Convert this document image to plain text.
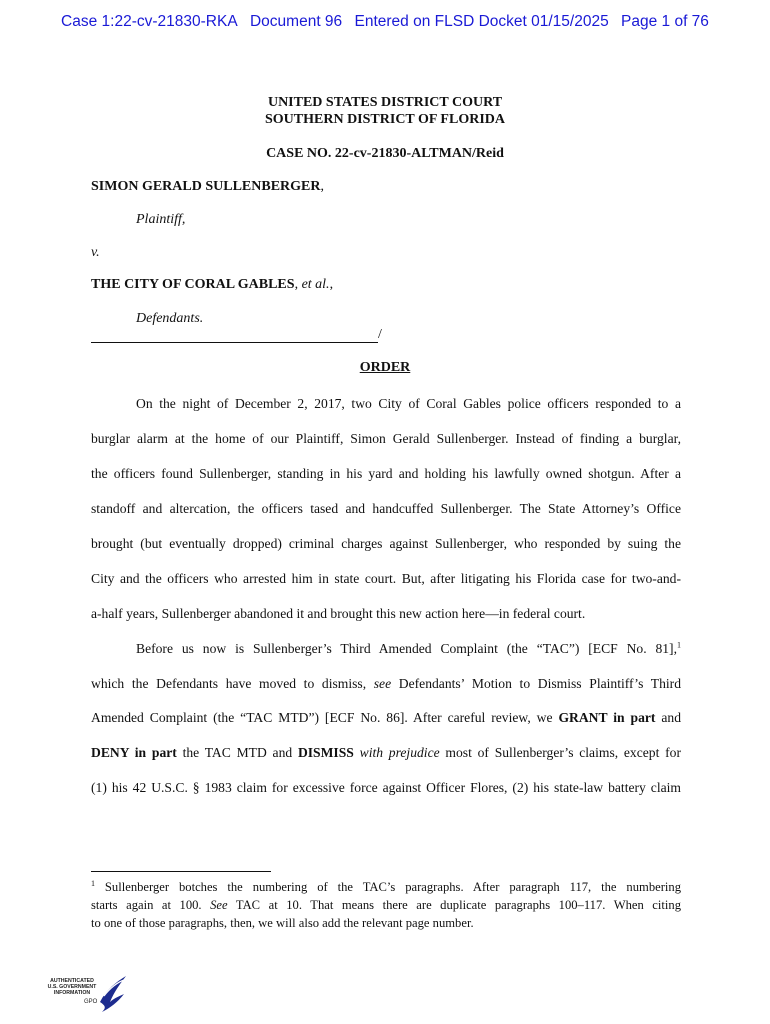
Case 1:22-cv-21830-RKA Document 96 Entered on FLSD Docket 01/15/2025 Page 1 of 76
UNITED STATES DISTRICT COURT
SOUTHERN DISTRICT OF FLORIDA
CASE NO. 22-cv-21830-ALTMAN/Reid
SIMON GERALD SULLENBERGER,
Plaintiff,
v.
THE CITY OF CORAL GABLES, et al.,
Defendants.
/
ORDER
On the night of December 2, 2017, two City of Coral Gables police officers responded to a
burglar alarm at the home of our Plaintiff, Simon Gerald Sullenberger. Instead of finding a burglar,
the officers found Sullenberger, standing in his yard and holding his lawfully owned shotgun. After a
standoff and altercation, the officers tased and handcuffed Sullenberger. The State Attorney’s Office
brought (but eventually dropped) criminal charges against Sullenberger, who responded by suing the
City and the officers who arrested him in state court. But, after litigating his Florida case for two-and-
a-half years, Sullenberger abandoned it and brought this new action here—in federal court.
Before us now is Sullenberger’s Third Amended Complaint (the “TAC”) [ECF No. 81],$^1$
which the Defendants have moved to dismiss, see Defendants’ Motion to Dismiss Plaintiff’s Third
Amended Complaint (the “TAC MTD”) [ECF No. 86]. After careful review, we GRANT in part and
DENY in part the TAC MTD and DISMISS with prejudice most of Sullenberger’s claims, except for
(1) his 42 U.S.C. § 1983 claim for excessive force against Officer Flores, (2) his state-law battery claim
$^1$ Sullenberger botches the numbering of the TAC’s paragraphs. After paragraph 117, the numbering
starts again at 100. See TAC at 10. That means there are duplicate paragraphs 100–117. When citing
to one of those paragraphs, then, we will also add the relevant page number.
AUTHENTICATED
U.S. GOVERNMENT
INFORMATION
GPO
